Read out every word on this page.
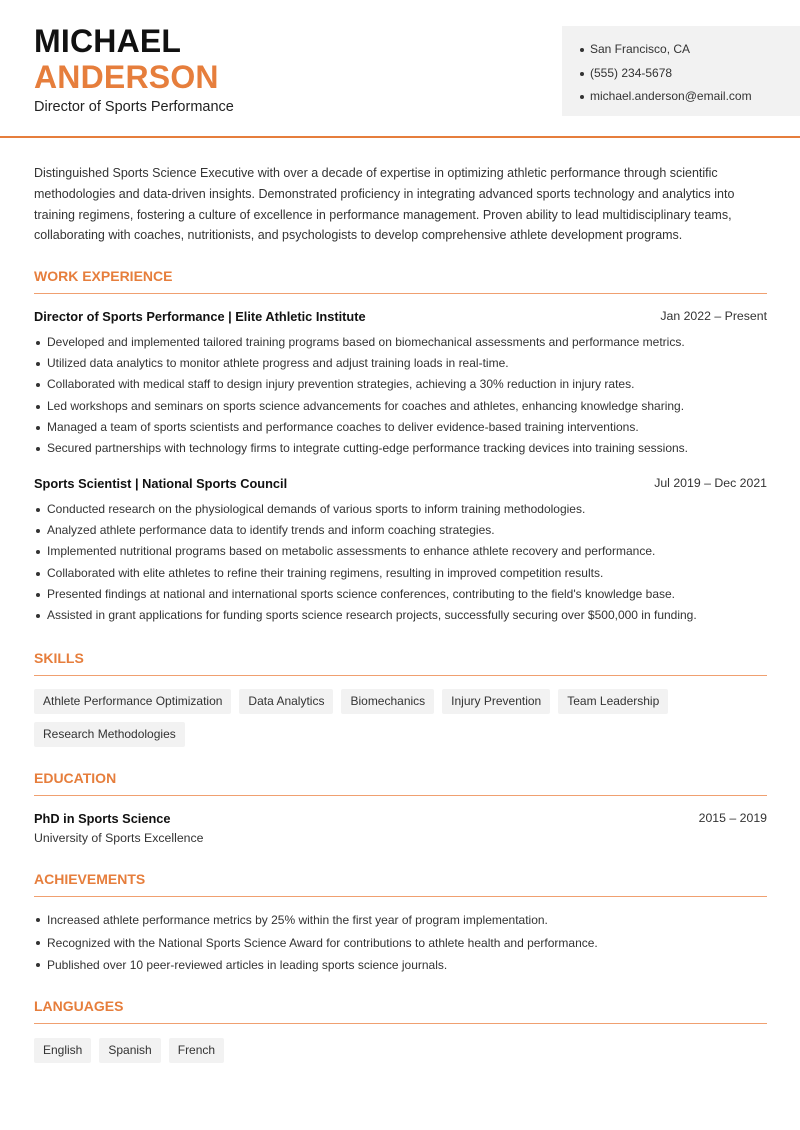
MICHAEL
ANDERSON
Director of Sports Performance
San Francisco, CA
(555) 234-5678
michael.anderson@email.com

Distinguished Sports Science Executive with over a decade of expertise in optimizing athletic performance through scientific methodologies and data-driven insights. Demonstrated proficiency in integrating advanced sports technology and analytics into training regimens, fostering a culture of excellence in performance management. Proven ability to lead multidisciplinary teams, collaborating with coaches, nutritionists, and psychologists to develop comprehensive athlete development programs.

WORK EXPERIENCE
Director of Sports Performance | Elite Athletic Institute	Jan 2022 – Present
Developed and implemented tailored training programs based on biomechanical assessments and performance metrics.
Utilized data analytics to monitor athlete progress and adjust training loads in real-time.
Collaborated with medical staff to design injury prevention strategies, achieving a 30% reduction in injury rates.
Led workshops and seminars on sports science advancements for coaches and athletes, enhancing knowledge sharing.
Managed a team of sports scientists and performance coaches to deliver evidence-based training interventions.
Secured partnerships with technology firms to integrate cutting-edge performance tracking devices into training sessions.
Sports Scientist | National Sports Council	Jul 2019 – Dec 2021
Conducted research on the physiological demands of various sports to inform training methodologies.
Analyzed athlete performance data to identify trends and inform coaching strategies.
Implemented nutritional programs based on metabolic assessments to enhance athlete recovery and performance.
Collaborated with elite athletes to refine their training regimens, resulting in improved competition results.
Presented findings at national and international sports science conferences, contributing to the field's knowledge base.
Assisted in grant applications for funding sports science research projects, successfully securing over $500,000 in funding.
SKILLS
Athlete Performance Optimization	Data Analytics	Biomechanics	Injury Prevention	Team Leadership
Research Methodologies
EDUCATION
PhD in Sports Science	2015 – 2019
University of Sports Excellence
ACHIEVEMENTS
Increased athlete performance metrics by 25% within the first year of program implementation.
Recognized with the National Sports Science Award for contributions to athlete health and performance.
Published over 10 peer-reviewed articles in leading sports science journals.
LANGUAGES
English	Spanish	French
